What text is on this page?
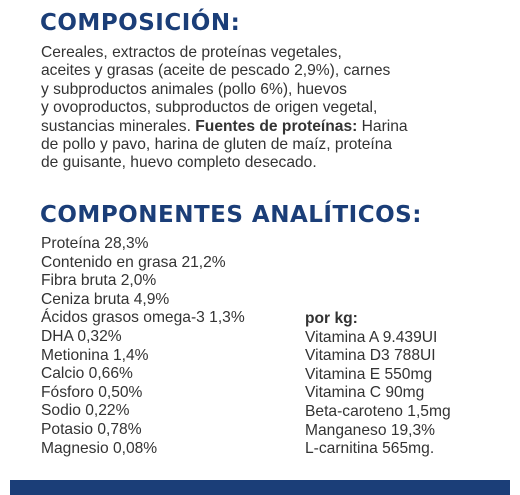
COMPOSICIÓN:
Cereales, extractos de proteínas vegetales,
aceites y grasas (aceite de pescado 2,9%), carnes
y subproductos animales (pollo 6%), huevos
y ovoproductos, subproductos de origen vegetal,
sustancias minerales. Fuentes de proteínas: Harina
de pollo y pavo, harina de gluten de maíz, proteína
de guisante, huevo completo desecado.
COMPONENTES ANALÍTICOS:
Proteína 28,3%
Contenido en grasa 21,2%
Fibra bruta 2,0%
Ceniza bruta 4,9%
Ácidos grasos omega-3 1,3%
DHA 0,32%
Metionina 1,4%
Calcio 0,66%
Fósforo 0,50%
Sodio 0,22%
Potasio 0,78%
Magnesio 0,08%
por kg:
Vitamina A 9.439UI
Vitamina D3 788UI
Vitamina E 550mg
Vitamina C 90mg
Beta-caroteno 1,5mg
Manganeso 19,3%
L-carnitina 565mg.
